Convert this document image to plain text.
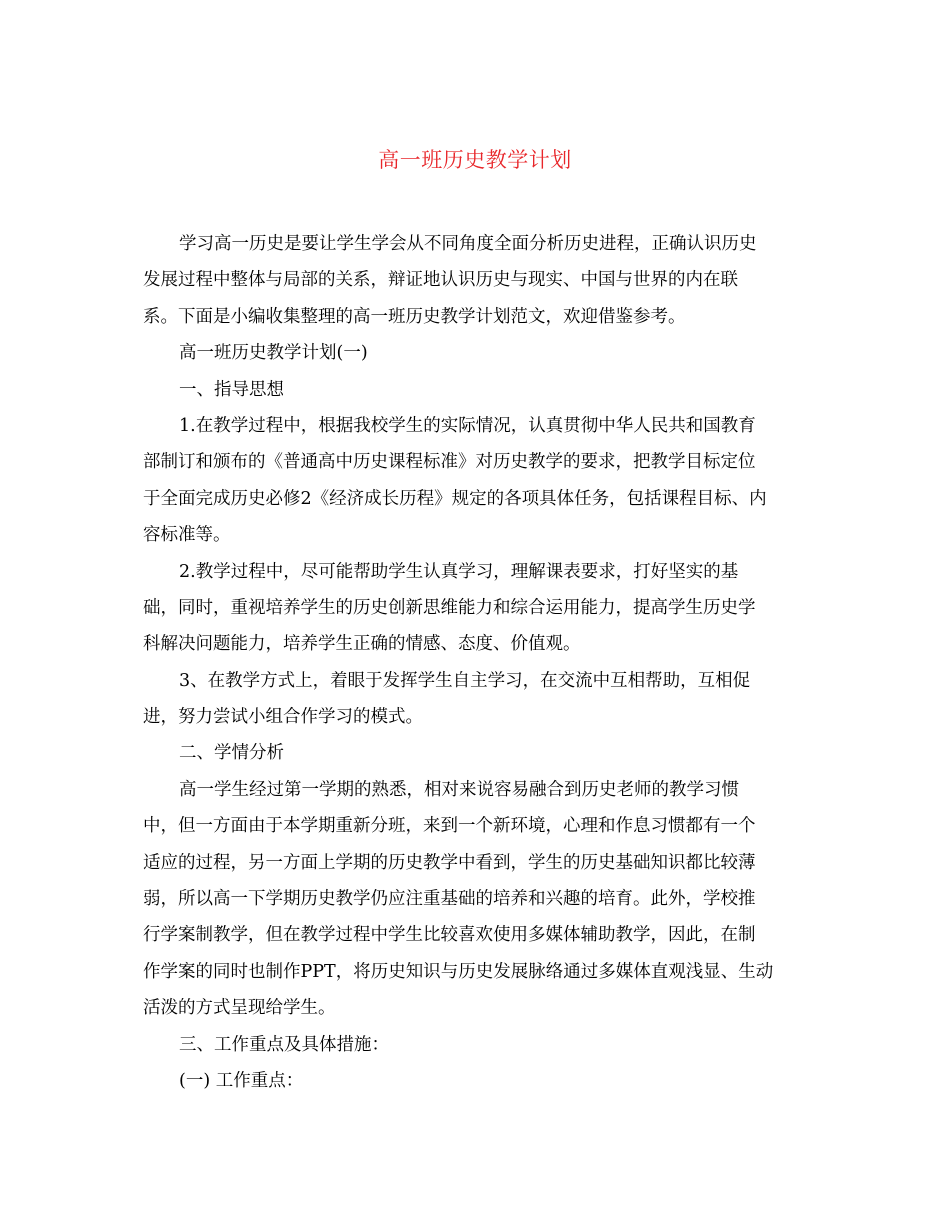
高一班历史教学计划
学习高一历史是要让学生学会从不同角度全面分析历史进程，正确认识历史
发展过程中整体与局部的关系，辩证地认识历史与现实、中国与世界的内在联
系。下面是小编收集整理的高一班历史教学计划范文，欢迎借鉴参考。
高一班历史教学计划(一)
一、指导思想
1.在教学过程中，根据我校学生的实际情况，认真贯彻中华人民共和国教育
部制订和颁布的《普通高中历史课程标准》对历史教学的要求，把教学目标定位
于全面完成历史必修2《经济成长历程》规定的各项具体任务，包括课程目标、内
容标准等。
2.教学过程中，尽可能帮助学生认真学习，理解课表要求，打好坚实的基
础，同时，重视培养学生的历史创新思维能力和综合运用能力，提高学生历史学
科解决问题能力，培养学生正确的情感、态度、价值观。
3、在教学方式上，着眼于发挥学生自主学习，在交流中互相帮助，互相促
进，努力尝试小组合作学习的模式。
二、学情分析
高一学生经过第一学期的熟悉，相对来说容易融合到历史老师的教学习惯
中，但一方面由于本学期重新分班，来到一个新环境，心理和作息习惯都有一个
适应的过程，另一方面上学期的历史教学中看到，学生的历史基础知识都比较薄
弱，所以高一下学期历史教学仍应注重基础的培养和兴趣的培育。此外，学校推
行学案制教学，但在教学过程中学生比较喜欢使用多媒体辅助教学，因此，在制
作学案的同时也制作PPT，将历史知识与历史发展脉络通过多媒体直观浅显、生动
活泼的方式呈现给学生。
三、工作重点及具体措施：
(一) 工作重点：
